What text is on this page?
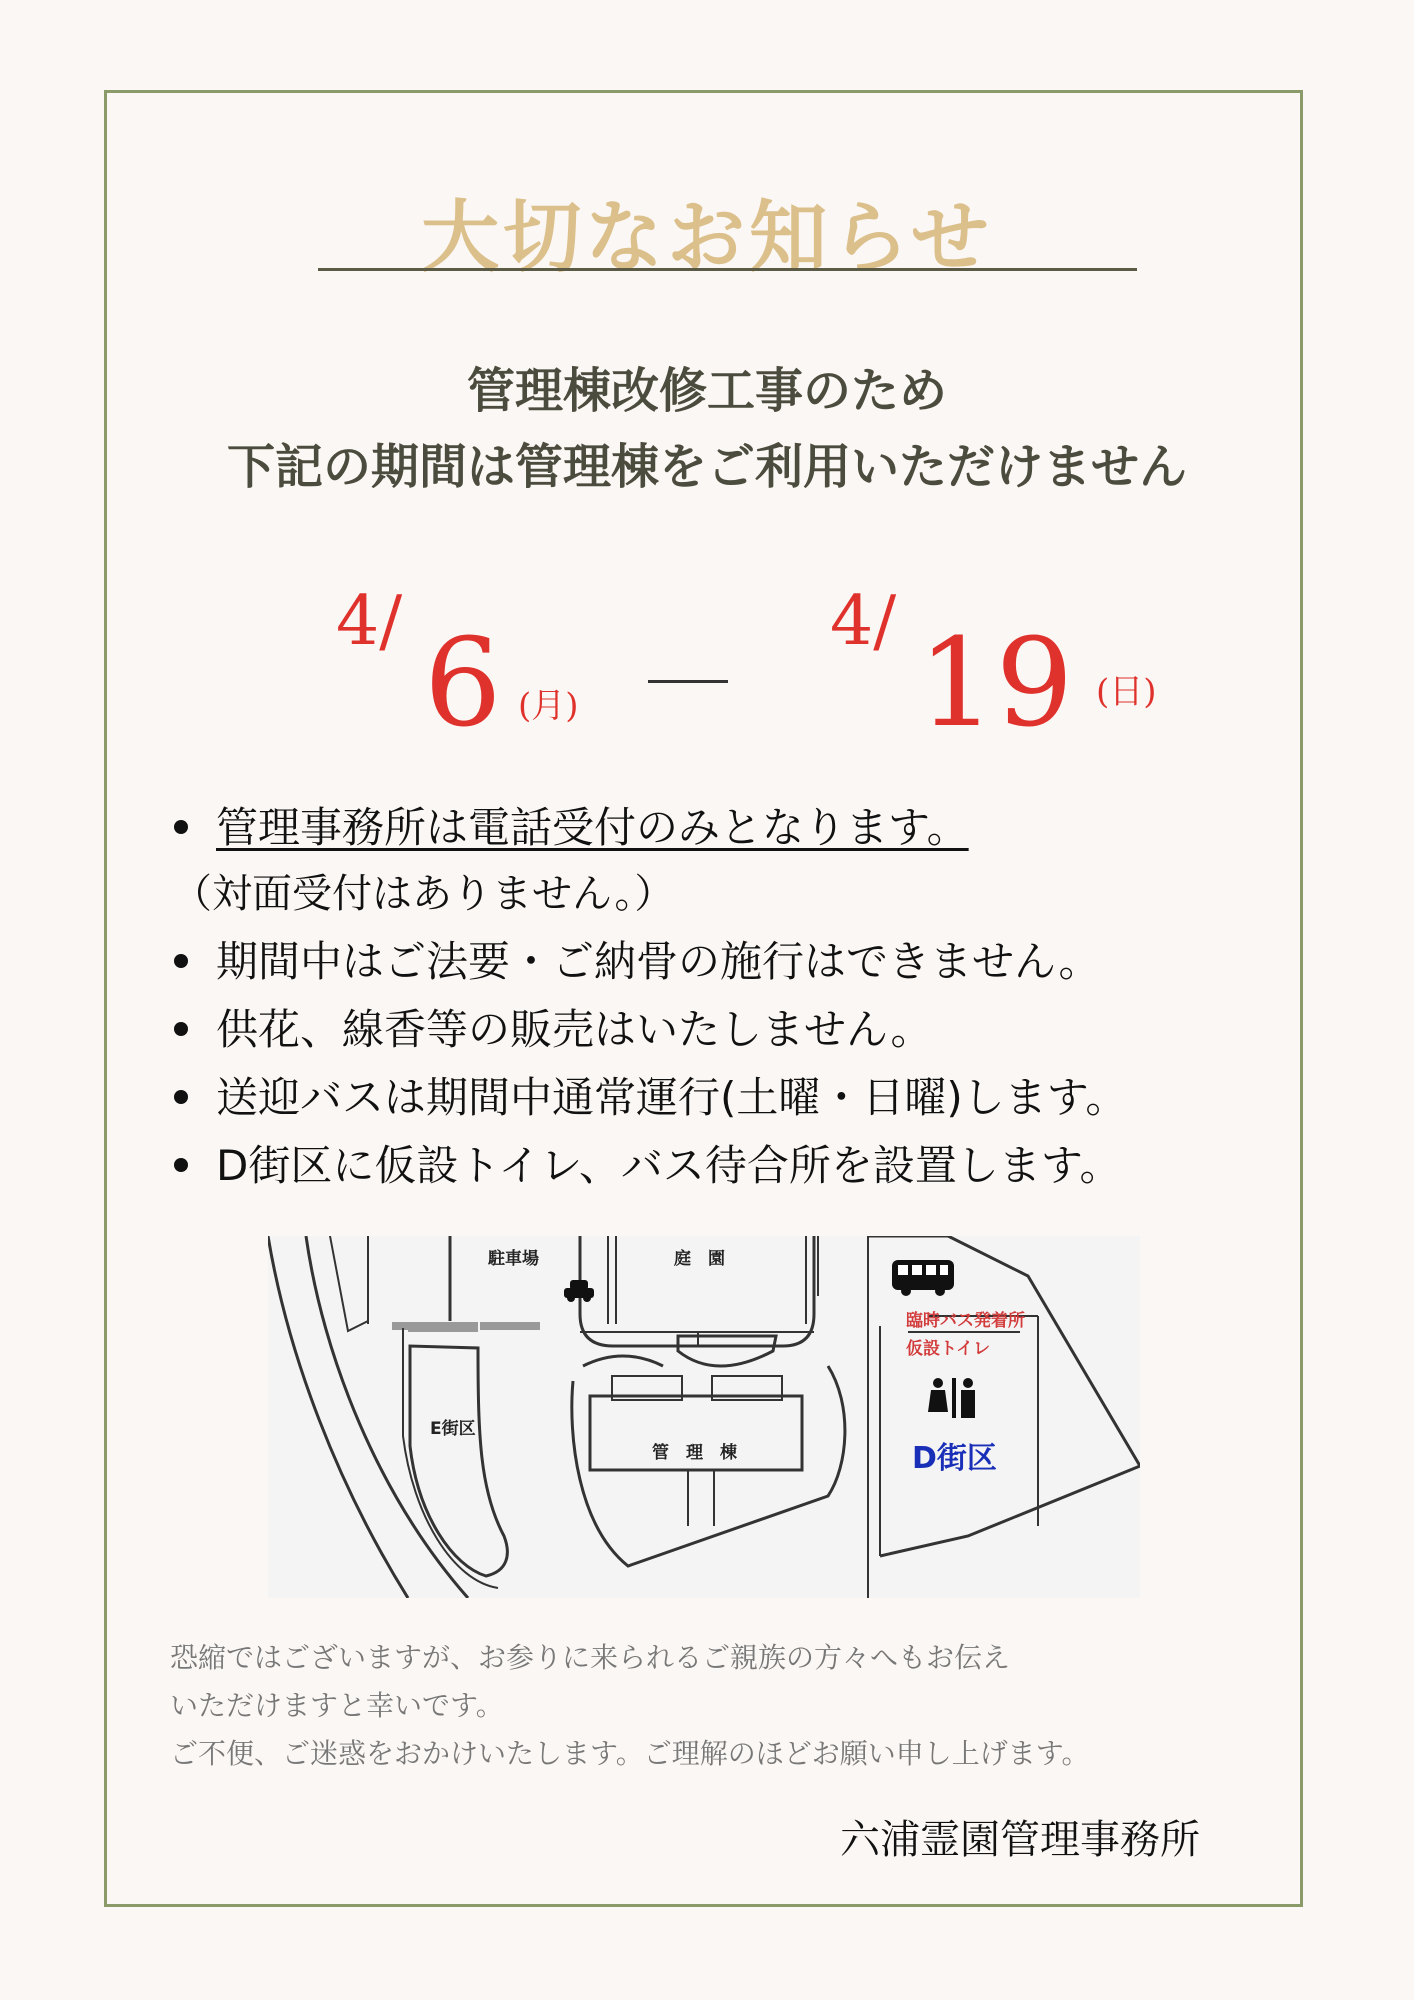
大切なお知らせ
管理棟改修工事のため
下記の期間は管理棟をご利用いただけません
4/ 6 (月)
4/ 19 (日)
管理事務所は電話受付のみとなります。
（対面受付はありません。）
期間中はご法要・ご納骨の施行はできません。
供花、線香等の販売はいたしません。
送迎バスは期間中通常運行(土曜・日曜)します。
D街区に仮設トイレ、バス待合所を設置します。
駐車場	庭　園
臨時バス発着所
仮設トイレ
E街区
管　理　棟	D街区
恐縮ではございますが、お参りに来られるご親族の方々へもお伝え
いただけますと幸いです。
ご不便、ご迷惑をおかけいたします。ご理解のほどお願い申し上げます。
六浦霊園管理事務所
